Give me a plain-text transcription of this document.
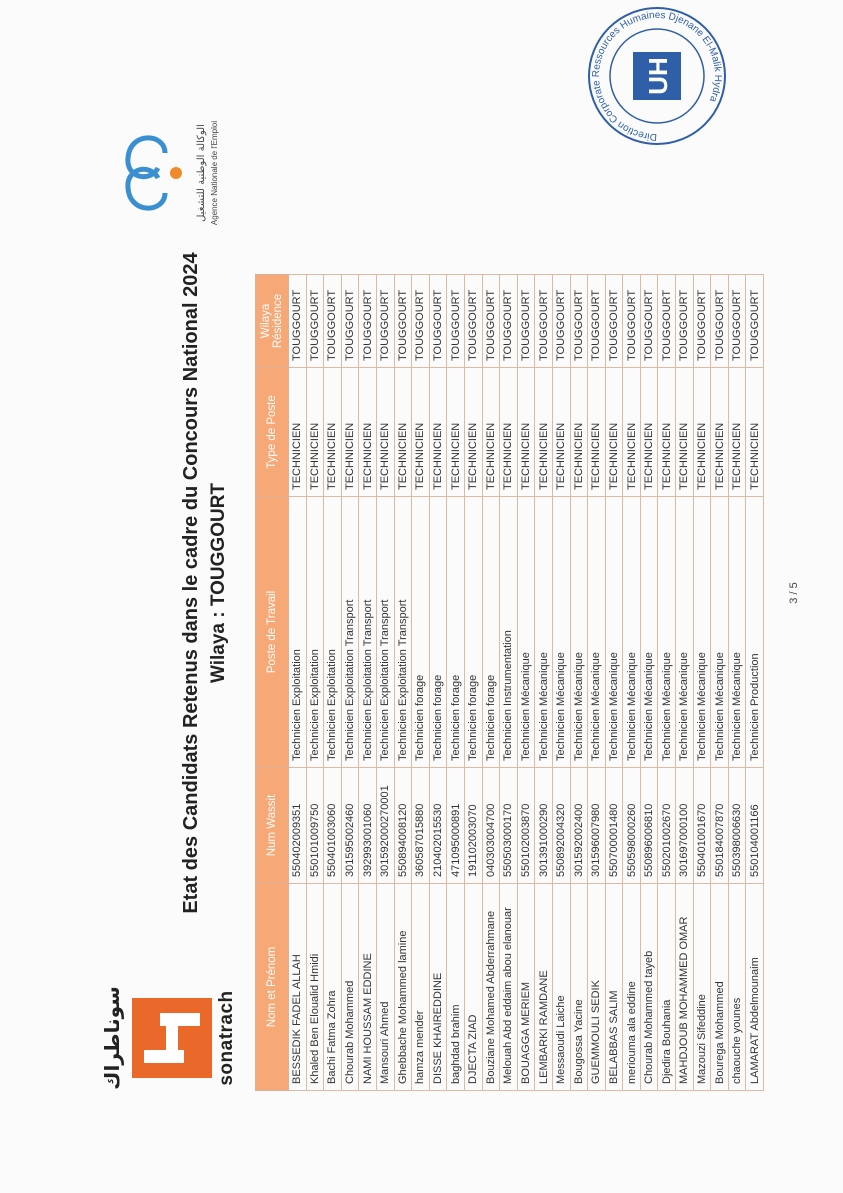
سوناطراك	sonatrach
Etat des Candidats Retenus dans le cadre du Concours National 2024 Wilaya : TOUGGOURT
الوكالة الوطنية للتشغيل Agence Nationale de l'Emploi
Nom et Prénom	Num Wassit	Poste de Travail	Type de Poste	Wilaya Résidence
BESSEDIK FADEL ALLAH	550402009351	Technicien Exploitation	TECHNICIEN	TOUGGOURT
Khaled Ben Eloualid Hmidi	550101009750	Technicien Exploitation	TECHNICIEN	TOUGGOURT
Bachi Fatma Zohra	550401003060	Technicien Exploitation	TECHNICIEN	TOUGGOURT
Chourab Mohammed	301595002460	Technicien Exploitation Transport	TECHNICIEN	TOUGGOURT
NAMI HOUSSAM EDDINE	392993001060	Technicien Exploitation Transport	TECHNICIEN	TOUGGOURT
Mansouri Ahmed	301592000270001	Technicien Exploitation Transport	TECHNICIEN	TOUGGOURT
Ghebbache Mohammed lamine	550894008120	Technicien Exploitation Transport	TECHNICIEN	TOUGGOURT
hamza mender	360587015880	Technicien forage	TECHNICIEN	TOUGGOURT
DISSE KHAIREDDINE	210402015530	Technicien forage	TECHNICIEN	TOUGGOURT
baghdad brahim	471095000891	Technicien forage	TECHNICIEN	TOUGGOURT
DJECTA ZIAD	191102003070	Technicien forage	TECHNICIEN	TOUGGOURT
Bouziane Mohamed Abderrahmane	040303004700	Technicien forage	TECHNICIEN	TOUGGOURT
Melouah Abd eddaim abou elanouar	550503000170	Technicien Instrumentation	TECHNICIEN	TOUGGOURT
BOUAGGA MERIEM	550102003870	Technicien Mécanique	TECHNICIEN	TOUGGOURT
LEMBARKI RAMDANE	301391000290	Technicien Mécanique	TECHNICIEN	TOUGGOURT
Messaoudi Laiche	550892004320	Technicien Mécanique	TECHNICIEN	TOUGGOURT
Bougossa Yacine	301592002400	Technicien Mécanique	TECHNICIEN	TOUGGOURT
GUEMMOULI SEDIK	301596007980	Technicien Mécanique	TECHNICIEN	TOUGGOURT
BELABBAS SALIM	550700001480	Technicien Mécanique	TECHNICIEN	TOUGGOURT
meriouma ala eddine	550598000260	Technicien Mécanique	TECHNICIEN	TOUGGOURT
Chourab Mohammed tayeb	550896006810	Technicien Mécanique	TECHNICIEN	TOUGGOURT
Djedira Bouhania	550201002670	Technicien Mécanique	TECHNICIEN	TOUGGOURT
MAHDJOUB MOHAMMED OMAR	301697000100	Technicien Mécanique	TECHNICIEN	TOUGGOURT
Mazouzi Sifeddine	550401001670	Technicien Mécanique	TECHNICIEN	TOUGGOURT
Bourega Mohammed	550184007870	Technicien Mécanique	TECHNICIEN	TOUGGOURT
chaouche younes	550398006630	Technicien Mécanique	TECHNICIEN	TOUGGOURT
LAMARAT Abdelmounaim	550104001166	Technicien Production	TECHNICIEN	TOUGGOURT
3 / 5
Direction Corporate Ressources Humaines Djenane El-Malik Hydra
UH
